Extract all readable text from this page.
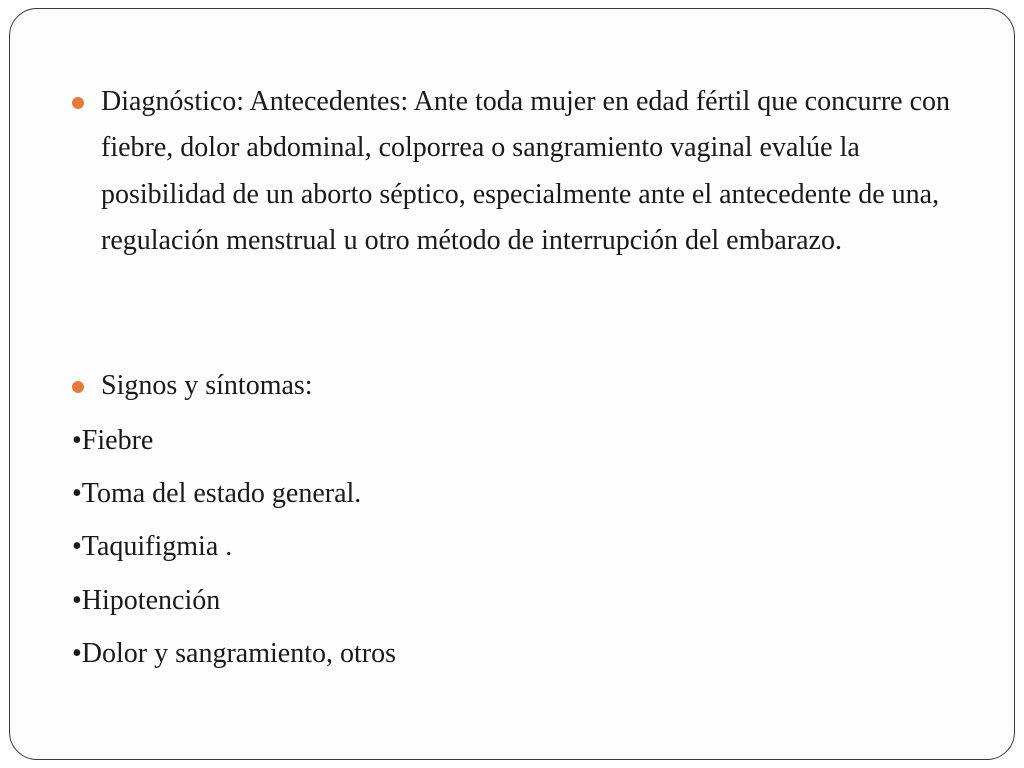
Diagnóstico: Antecedentes: Ante toda mujer en edad fértil que concurre con fiebre, dolor abdominal, colporrea o sangramiento vaginal evalúe la posibilidad de un aborto séptico, especialmente ante el antecedente de una, regulación menstrual u otro método de interrupción del embarazo.

Signos y síntomas:

•Fiebre

•Toma del estado general.

•Taquifigmia .

•Hipotención

•Dolor y sangramiento, otros
